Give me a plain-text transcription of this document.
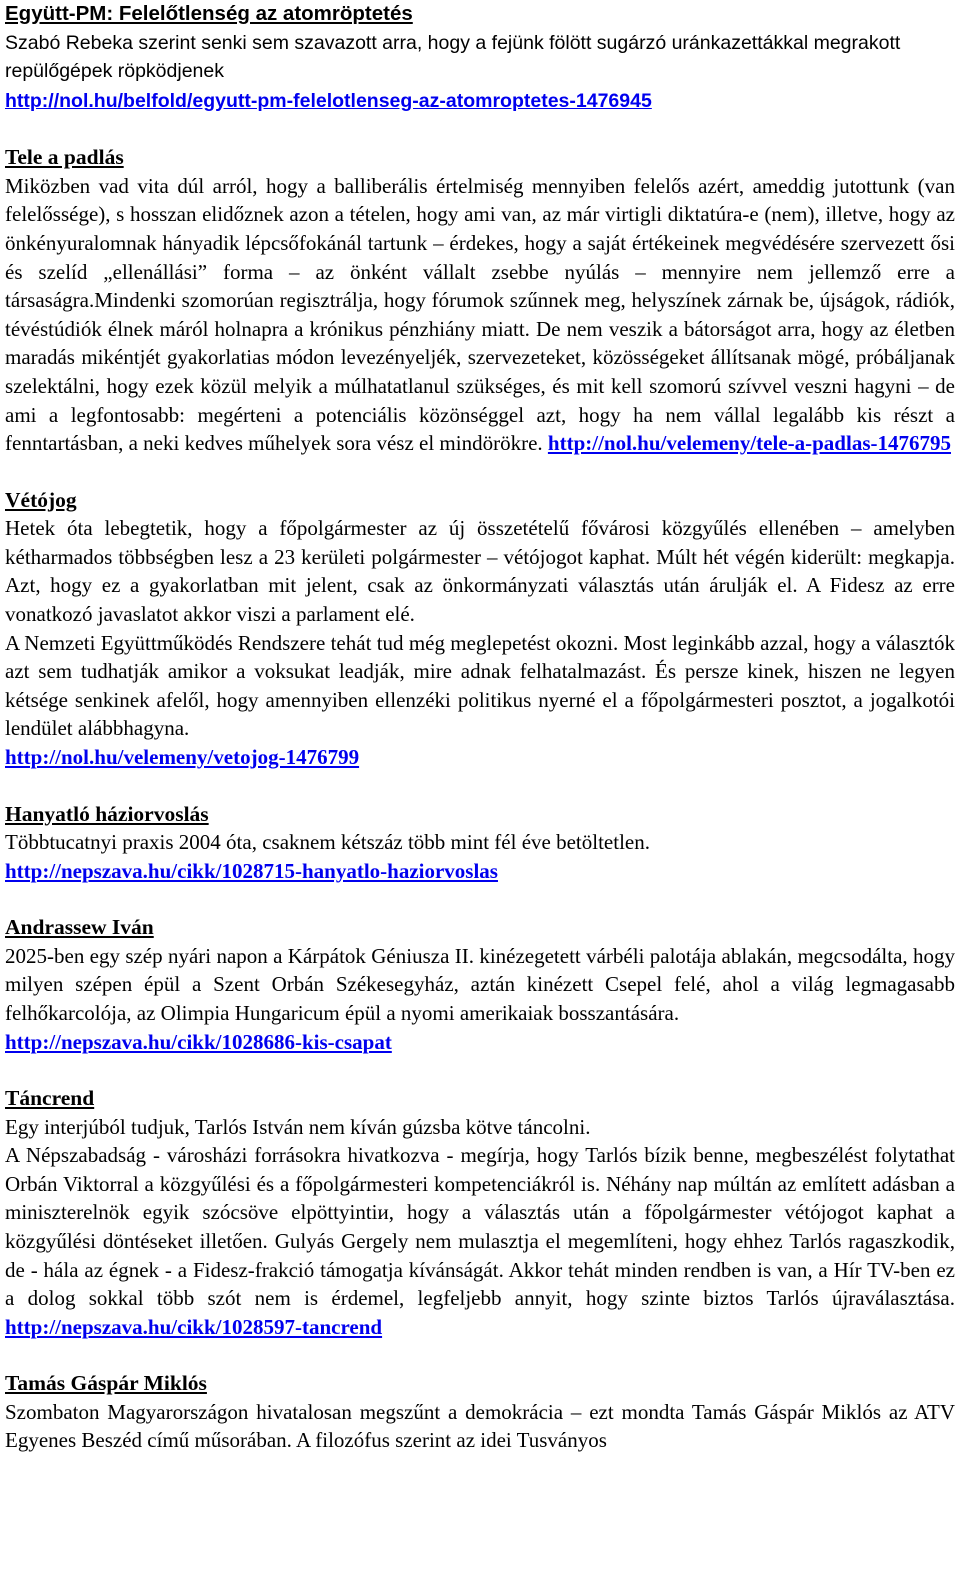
Együtt-PM: Felelőtlenség az atomröptetés

Szabó Rebeka szerint senki sem szavazott arra, hogy a fejünk fölött sugárzó uránkazettákkal megrakott repülőgépek röpködjenek

http://nol.hu/belfold/egyutt-pm-felelotlenseg-az-atomroptetes-1476945

Tele a padlás

Miközben vad vita dúl arról, hogy a balliberális értelmiség mennyiben felelős azért, ameddig jutottunk (van felelőssége), s hosszan elidőznek azon a tételen, hogy ami van, az már virtigli diktatúra-e (nem), illetve, hogy az önkényuralomnak hányadik lépcsőfokánál tartunk – érdekes, hogy a saját értékeinek megvédésére szervezett ősi és szelíd „ellenállási” forma – az önként vállalt zsebbe nyúlás – mennyire nem jellemző erre a társaságra.Mindenki szomorúan regisztrálja, hogy fórumok szűnnek meg, helyszínek zárnak be, újságok, rádiók, tévéstúdiók élnek máról holnapra a krónikus pénzhiány miatt. De nem veszik a bátorságot arra, hogy az életben maradás mikéntjét gyakorlatias módon levezényeljék, szervezeteket, közösségeket állítsanak mögé, próbáljanak szelektálni, hogy ezek közül melyik a múlhatatlanul szükséges, és mit kell szomorú szívvel veszni hagyni – de ami a legfontosabb: megérteni a potenciális közönséggel azt, hogy ha nem vállal legalább kis részt a fenntartásban, a neki kedves műhelyek sora vész el mindörökre. http://nol.hu/velemeny/tele-a-padlas-1476795

Vétójog

Hetek óta lebegtetik, hogy a főpolgármester az új összetételű fővárosi közgyűlés ellenében – amelyben kétharmados többségben lesz a 23 kerületi polgármester – vétójogot kaphat. Múlt hét végén kiderült: megkapja. Azt, hogy ez a gyakorlatban mit jelent, csak az önkormányzati választás után árulják el. A Fidesz az erre vonatkozó javaslatot akkor viszi a parlament elé.

A Nemzeti Együttműködés Rendszere tehát tud még meglepetést okozni. Most leginkább azzal, hogy a választók azt sem tudhatják amikor a voksukat leadják, mire adnak felhatalmazást. És persze kinek, hiszen ne legyen kétsége senkinek afelől, hogy amennyiben ellenzéki politikus nyerné el a főpolgármesteri posztot, a jogalkotói lendület alábbhagyna.

http://nol.hu/velemeny/vetojog-1476799

Hanyatló háziorvoslás

Többtucatnyi praxis 2004 óta, csaknem kétszáz több mint fél éve betöltetlen.

http://nepszava.hu/cikk/1028715-hanyatlo-haziorvoslas

Andrassew Iván

2025-ben egy szép nyári napon a Kárpátok Géniusza II. kinézegetett várbéli palotája ablakán, megcsodálta, hogy milyen szépen épül a Szent Orbán Székesegyház, aztán kinézett Csepel felé, ahol a világ legmagasabb felhőkarcolója, az Olimpia Hungaricum épül a nyomi amerikaiak bosszantására.

http://nepszava.hu/cikk/1028686-kis-csapat

Táncrend

Egy interjúból tudjuk, Tarlós István nem kíván gúzsba kötve táncolni.

A Népszabadság - városházi forrásokra hivatkozva - megírja, hogy Tarlós bízik benne, megbeszélést folytathat Orbán Viktorral a közgyűlési és a főpolgármesteri kompetenciákról is. Néhány nap múltán az említett adásban a miniszterelnök egyik szócsöve elpöttyintiи, hogy a választás után a főpolgármester vétójogot kaphat a közgyűlési döntéseket illetően. Gulyás Gergely nem mulasztja el megemlíteni, hogy ehhez Tarlós ragaszkodik, de - hála az égnek - a Fidesz-frakció támogatja kívánságát. Akkor tehát minden rendben is van, a Hír TV-ben ez a dolog sokkal több szót nem is érdemel, legfeljebb annyit, hogy szinte biztos Tarlós újraválasztása. http://nepszava.hu/cikk/1028597-tancrend

Tamás Gáspár Miklós

Szombaton Magyarországon hivatalosan megszűnt a demokrácia – ezt mondta Tamás Gáspár Miklós az ATV Egyenes Beszéd című műsorában. A filozófus szerint az idei Tusványos
